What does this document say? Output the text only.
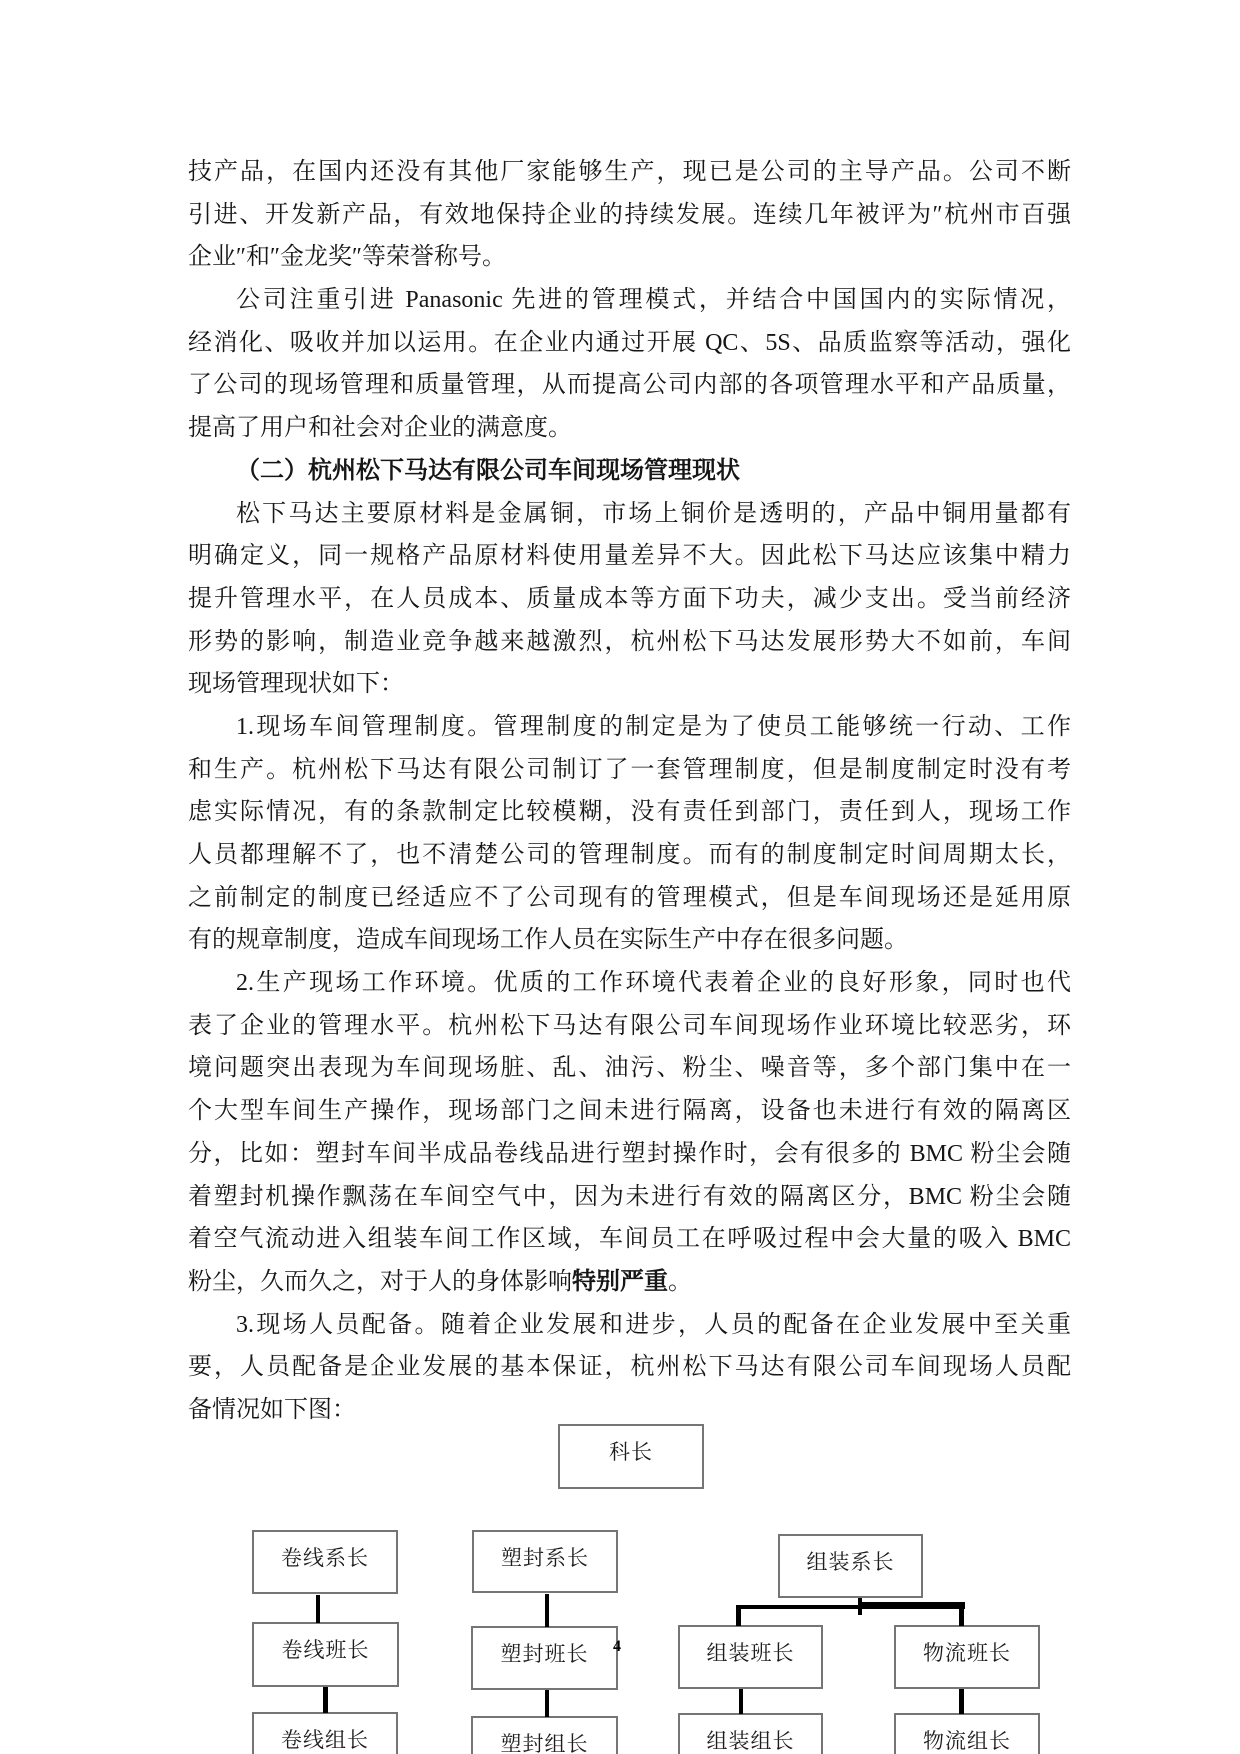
技产品，在国内还没有其他厂家能够生产，现已是公司的主导产品。公司不断
引进、开发新产品，有效地保持企业的持续发展。连续几年被评为″杭州市百强
企业″和″金龙奖″等荣誉称号。
公司注重引进 Panasonic 先进的管理模式，并结合中国国内的实际情况，
经消化、吸收并加以运用。在企业内通过开展 QC、5S、品质监察等活动，强化
了公司的现场管理和质量管理，从而提高公司内部的各项管理水平和产品质量，
提高了用户和社会对企业的满意度。
（二）杭州松下马达有限公司车间现场管理现状
松下马达主要原材料是金属铜，市场上铜价是透明的，产品中铜用量都有
明确定义，同一规格产品原材料使用量差异不大。因此松下马达应该集中精力
提升管理水平，在人员成本、质量成本等方面下功夫，减少支出。受当前经济
形势的影响，制造业竞争越来越激烈，杭州松下马达发展形势大不如前，车间
现场管理现状如下：
1.现场车间管理制度。管理制度的制定是为了使员工能够统一行动、工作
和生产。杭州松下马达有限公司制订了一套管理制度，但是制度制定时没有考
虑实际情况，有的条款制定比较模糊，没有责任到部门，责任到人，现场工作
人员都理解不了，也不清楚公司的管理制度。而有的制度制定时间周期太长，
之前制定的制度已经适应不了公司现有的管理模式，但是车间现场还是延用原
有的规章制度，造成车间现场工作人员在实际生产中存在很多问题。
2.生产现场工作环境。优质的工作环境代表着企业的良好形象，同时也代
表了企业的管理水平。杭州松下马达有限公司车间现场作业环境比较恶劣，环
境问题突出表现为车间现场脏、乱、油污、粉尘、噪音等，多个部门集中在一
个大型车间生产操作，现场部门之间未进行隔离，设备也未进行有效的隔离区
分，比如：塑封车间半成品卷线品进行塑封操作时，会有很多的 BMC 粉尘会随
着塑封机操作飘荡在车间空气中，因为未进行有效的隔离区分，BMC 粉尘会随
着空气流动进入组装车间工作区域，车间员工在呼吸过程中会大量的吸入 BMC
粉尘，久而久之，对于人的身体影响特别严重。
3.现场人员配备。随着企业发展和进步，人员的配备在企业发展中至关重
要，人员配备是企业发展的基本保证，杭州松下马达有限公司车间现场人员配
备情况如下图：
科长
卷线系长	塑封系长	组装系长
卷线班长	塑封班长	组装班长	物流班长
卷线组长	塑封组长	组装组长	物流组长
4
